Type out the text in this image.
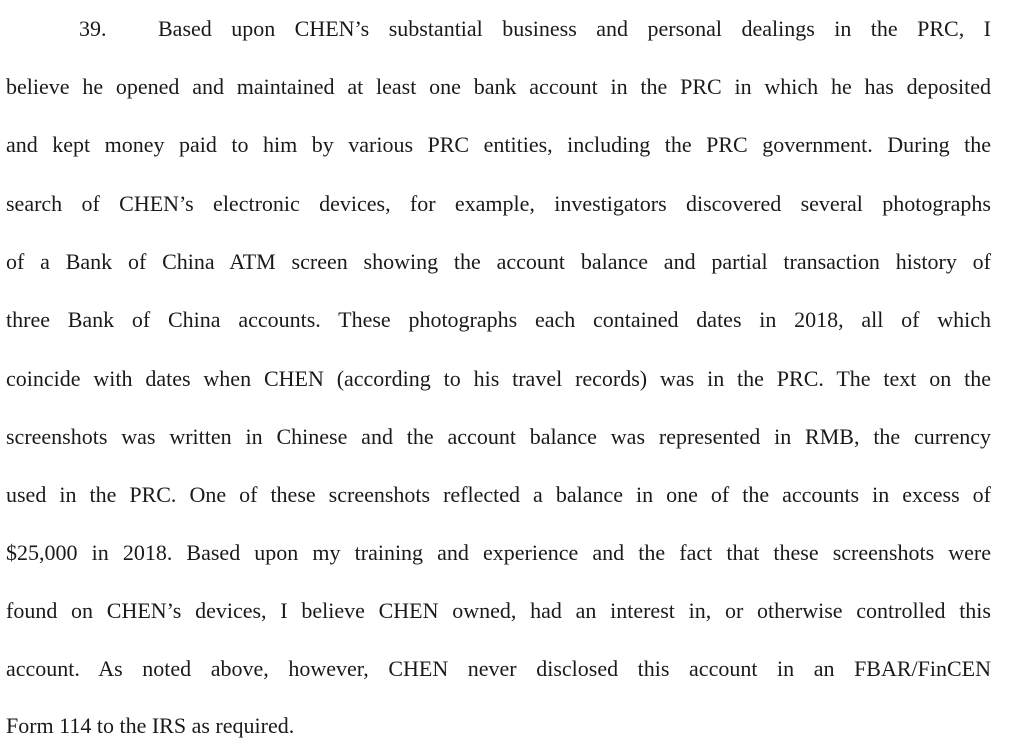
39. Based upon CHEN’s substantial business and personal dealings in the PRC, I
believe he opened and maintained at least one bank account in the PRC in which he has deposited
and kept money paid to him by various PRC entities, including the PRC government. During the
search of CHEN’s electronic devices, for example, investigators discovered several photographs
of a Bank of China ATM screen showing the account balance and partial transaction history of
three Bank of China accounts. These photographs each contained dates in 2018, all of which
coincide with dates when CHEN (according to his travel records) was in the PRC. The text on the
screenshots was written in Chinese and the account balance was represented in RMB, the currency
used in the PRC. One of these screenshots reflected a balance in one of the accounts in excess of
$25,000 in 2018. Based upon my training and experience and the fact that these screenshots were
found on CHEN’s devices, I believe CHEN owned, had an interest in, or otherwise controlled this
account. As noted above, however, CHEN never disclosed this account in an FBAR/FinCEN
Form 114 to the IRS as required.
